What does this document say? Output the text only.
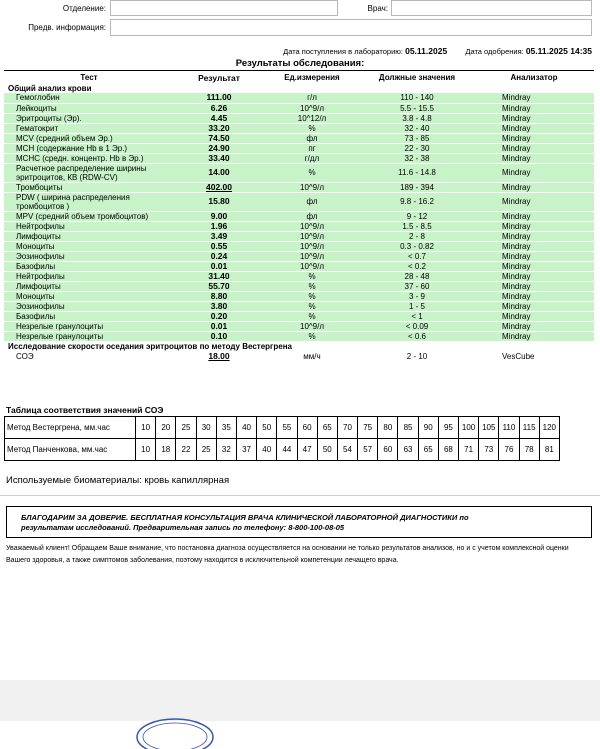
Отделение:	Врач:
Предв. информация:
Дата поступления в лабораторию: 05.11.2025 Дата одобрения: 05.11.2025 14:35
Результаты обследования:
Тест	Результат	Ед.измерения	Должные значения	Анализатор
Общий анализ крови				
Гемоглобин	111.00	г/л	110 - 140	Mindray
Лейкоциты	6.26	10^9/л	5.5 - 15.5	Mindray
Эритроциты (Эр).	4.45	10^12/л	3.8 - 4.8	Mindray
Гематокрит	33.20	%	32 - 40	Mindray
MCV (средний объем Эр.)	74.50	фл	73 - 85	Mindray
MCH (содержание Hb в 1 Эр.)	24.90	пг	22 - 30	Mindray
MCHC (средн. концентр. Hb в Эр.)	33.40	г/дл	32 - 38	Mindray
Расчетное распределение ширины эритроцитов, КВ (RDW-CV)	14.00	%	11.6 - 14.8	Mindray
Тромбоциты	402.00	10^9/л	189 - 394	Mindray
PDW ( ширина распределения тромбоцитов )	15.80	фл	9.8 - 16.2	Mindray
MPV (средний объем тромбоцитов)	9.00	фл	9 - 12	Mindray
Нейтрофилы	1.96	10^9/л	1.5 - 8.5	Mindray
Лимфоциты	3.49	10^9/л	2 - 8	Mindray
Моноциты	0.55	10^9/л	0.3 - 0.82	Mindray
Эозинофилы	0.24	10^9/л	< 0.7	Mindray
Базофилы	0.01	10^9/л	< 0.2	Mindray
Нейтрофилы	31.40	%	28 - 48	Mindray
Лимфоциты	55.70	%	37 - 60	Mindray
Моноциты	8.80	%	3 - 9	Mindray
Эозинофилы	3.80	%	1 - 5	Mindray
Базофилы	0.20	%	< 1	Mindray
Незрелые гранулоциты	0.01	10^9/л	< 0.09	Mindray
Незрелые гранулоциты	0.10	%	< 0.6	Mindray
Исследование скорости оседания эритроцитов по методу Вестергрена				
СОЭ	18.00	мм/ч	2 - 10	VesCube
Таблица соответствия значений СОЭ
Метод Вестергрена, мм.час	10	20	25	30	35	40	50	55	60	65	70	75	80	85	90	95	100	105	110	115	120
Метод Панченкова, мм.час	10	18	22	25	32	37	40	44	47	50	54	57	60	63	65	68	71	73	76	78	81
Используемые биоматериалы: кровь капиллярная
БЛАГОДАРИМ ЗА ДОВЕРИЕ. БЕСПЛАТНАЯ КОНСУЛЬТАЦИЯ ВРАЧА КЛИНИЧЕСКОЙ ЛАБОРАТОРНОЙ ДИАГНОСТИКИ по
результатам исследований. Предварительная запись по телефону: 8-800-100-08-05
Уважаемый клиент! Обращаем Ваше внимание, что постановка диагноза осуществляется на основании не только результатов анализов, но и с учетом комплексной оценки Вашего здоровья, а также симптомов заболевания, поэтому находится в исключительной компетенции лечащего врача.
